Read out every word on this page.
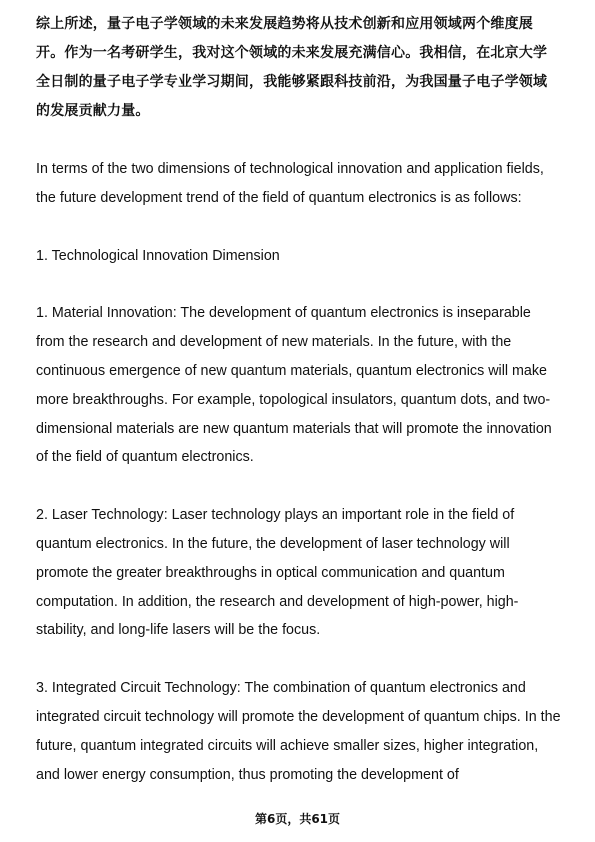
综上所述，量子电子学领域的未来发展趋势将从技术创新和应用领域两个维度展开。作为一名考研学生，我对这个领域的未来发展充满信心。我相信，在北京大学全日制的量子电子学专业学习期间，我能够紧跟科技前沿，为我国量子电子学领域的发展贡献力量。

In terms of the two dimensions of technological innovation and application fields, the future development trend of the field of quantum electronics is as follows:

1. Technological Innovation Dimension

1. Material Innovation: The development of quantum electronics is inseparable from the research and development of new materials. In the future, with the continuous emergence of new quantum materials, quantum electronics will make more breakthroughs. For example, topological insulators, quantum dots, and two-dimensional materials are new quantum materials that will promote the innovation of the field of quantum electronics.

2. Laser Technology: Laser technology plays an important role in the field of quantum electronics. In the future, the development of laser technology will promote the greater breakthroughs in optical communication and quantum computation. In addition, the research and development of high-power, high-stability, and long-life lasers will be the focus.

3. Integrated Circuit Technology: The combination of quantum electronics and integrated circuit technology will promote the development of quantum chips. In the future, quantum integrated circuits will achieve smaller sizes, higher integration, and lower energy consumption, thus promoting the development of

第6页，共61页
